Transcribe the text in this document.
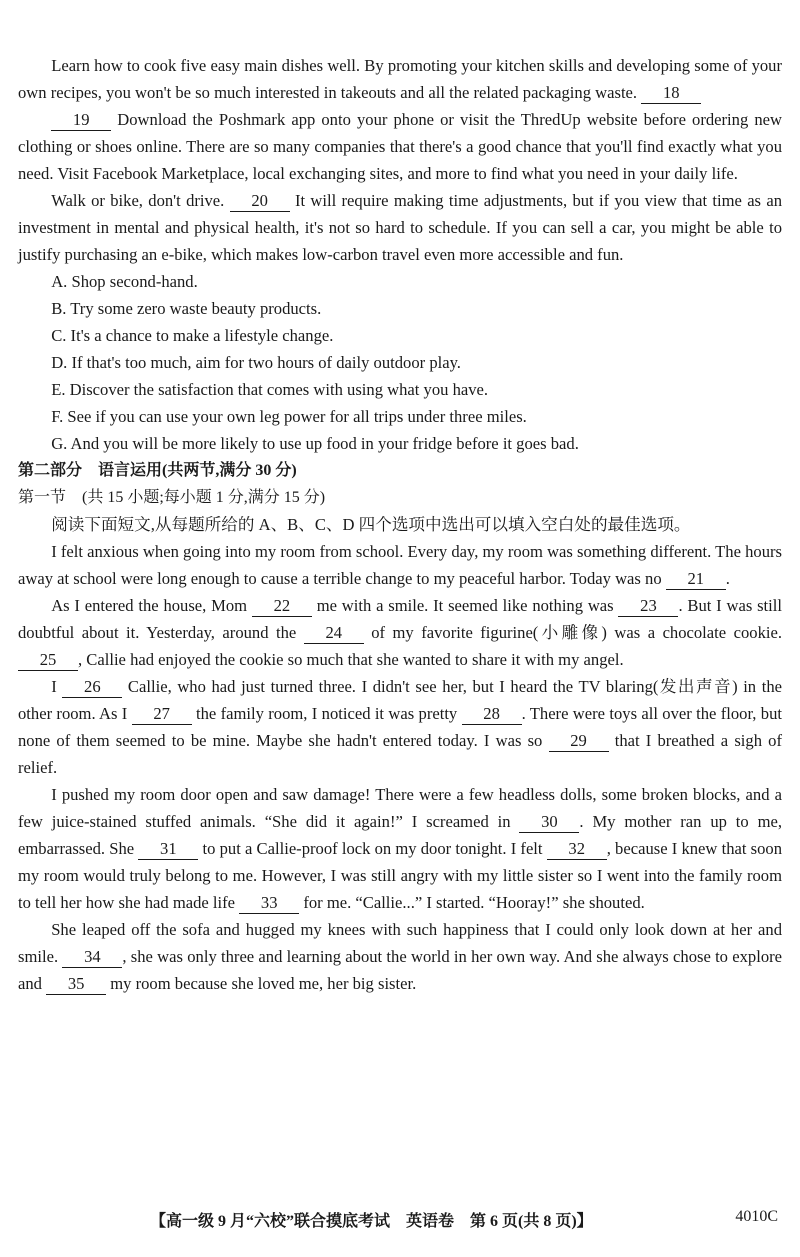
Learn how to cook five easy main dishes well. By promoting your kitchen skills and developing some of your own recipes, you won't be so much interested in takeouts and all the related packaging waste. 18

19 Download the Poshmark app onto your phone or visit the ThredUp website before ordering new clothing or shoes online. There are so many companies that there's a good chance that you'll find exactly what you need. Visit Facebook Marketplace, local exchanging sites, and more to find what you need in your daily life.

Walk or bike, don't drive. 20 It will require making time adjustments, but if you view that time as an investment in mental and physical health, it's not so hard to schedule. If you can sell a car, you might be able to justify purchasing an e-bike, which makes low-carbon travel even more accessible and fun.

A. Shop second-hand.

B. Try some zero waste beauty products.

C. It's a chance to make a lifestyle change.

D. If that's too much, aim for two hours of daily outdoor play.

E. Discover the satisfaction that comes with using what you have.

F. See if you can use your own leg power for all trips under three miles.

G. And you will be more likely to use up food in your fridge before it goes bad.

第二部分　语言运用(共两节,满分 30 分)

第一节　(共 15 小题;每小题 1 分,满分 15 分)

阅读下面短文,从每题所给的 A、B、C、D 四个选项中选出可以填入空白处的最佳选项。

I felt anxious when going into my room from school. Every day, my room was something different. The hours away at school were long enough to cause a terrible change to my peaceful harbor. Today was no 21 .

As I entered the house, Mom 22 me with a smile. It seemed like nothing was 23 . But I was still doubtful about it. Yesterday, around the 24 of my favorite figurine(小雕像) was a chocolate cookie. 25 , Callie had enjoyed the cookie so much that she wanted to share it with my angel.

I 26 Callie, who had just turned three. I didn't see her, but I heard the TV blaring(发出声音) in the other room. As I 27 the family room, I noticed it was pretty 28 . There were toys all over the floor, but none of them seemed to be mine. Maybe she hadn't entered today. I was so 29 that I breathed a sigh of relief.

I pushed my room door open and saw damage! There were a few headless dolls, some broken blocks, and a few juice-stained stuffed animals. “She did it again!” I screamed in 30 . My mother ran up to me, embarrassed. She 31 to put a Callie-proof lock on my door tonight. I felt 32 , because I knew that soon my room would truly belong to me. However, I was still angry with my little sister so I went into the family room to tell her how she had made life 33 for me. “Callie...” I started. “Hooray!” she shouted.

She leaped off the sofa and hugged my knees with such happiness that I could only look down at her and smile. 34 , she was only three and learning about the world in her own way. And she always chose to explore and 35 my room because she loved me, her big sister.

【高一级 9 月“六校”联合摸底考试　英语卷　第 6 页(共 8 页)】	4010C
